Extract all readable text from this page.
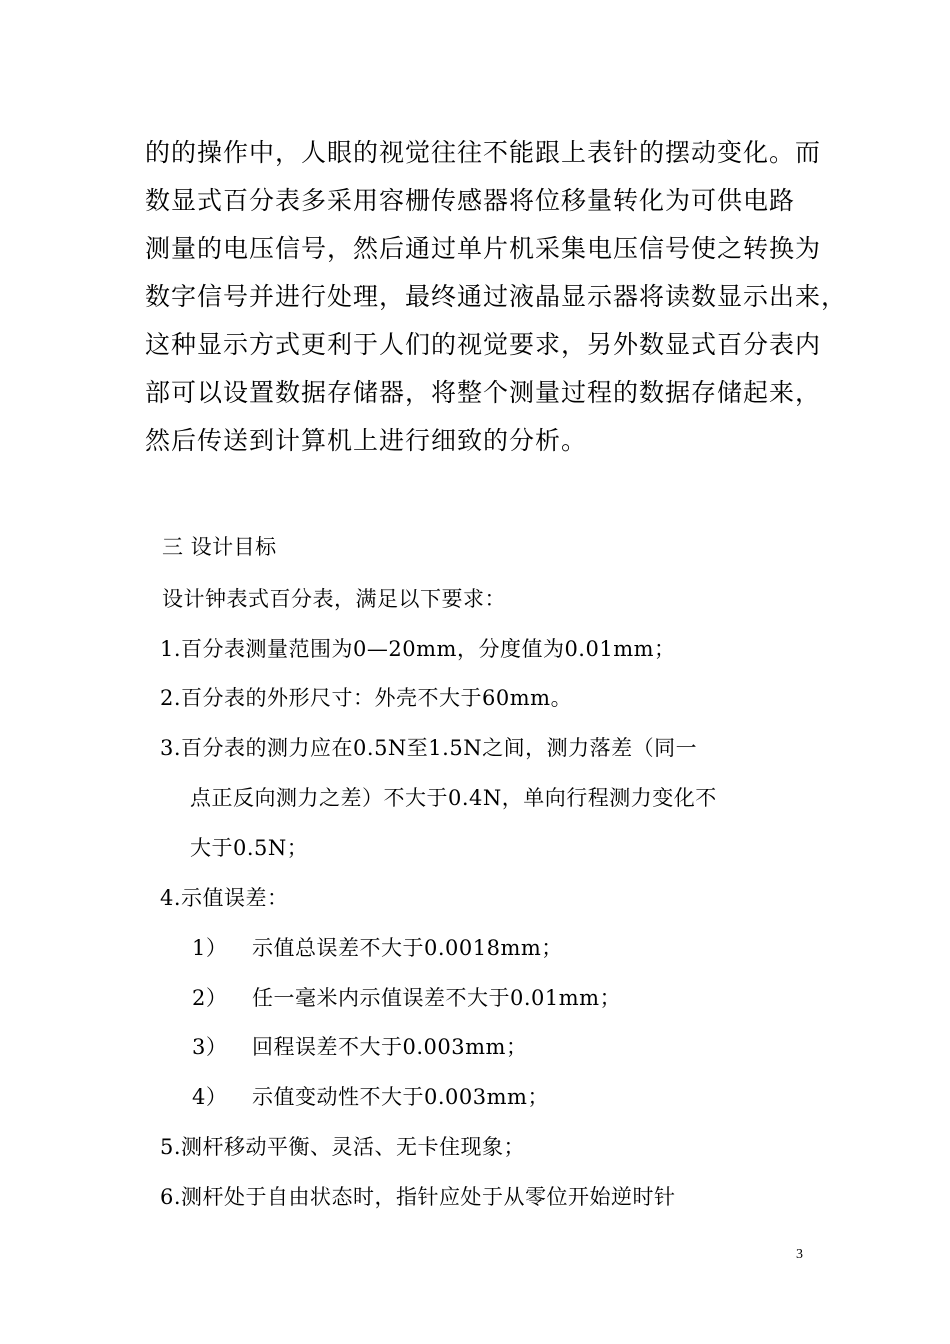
的的操作中，人眼的视觉往往不能跟上表针的摆动变化。而
数显式百分表多采用容栅传感器将位移量转化为可供电路
测量的电压信号，然后通过单片机采集电压信号使之转换为
数字信号并进行处理，最终通过液晶显示器将读数显示出来，
这种显示方式更利于人们的视觉要求，另外数显式百分表内
部可以设置数据存储器，将整个测量过程的数据存储起来，
然后传送到计算机上进行细致的分析。
三 设计目标
设计钟表式百分表，满足以下要求：
1.百分表测量范围为0—20mm，分度值为0.01mm；
2.百分表的外形尺寸：外壳不大于60mm。
3.百分表的测力应在0.5N至1.5N之间，测力落差（同一
点正反向测力之差）不大于0.4N，单向行程测力变化不
大于0.5N；
4.示值误差：
1） 示值总误差不大于0.0018mm；
2） 任一毫米内示值误差不大于0.01mm；
3） 回程误差不大于0.003mm；
4） 示值变动性不大于0.003mm；
5.测杆移动平衡、灵活、无卡住现象；
6.测杆处于自由状态时，指针应处于从零位开始逆时针
3
